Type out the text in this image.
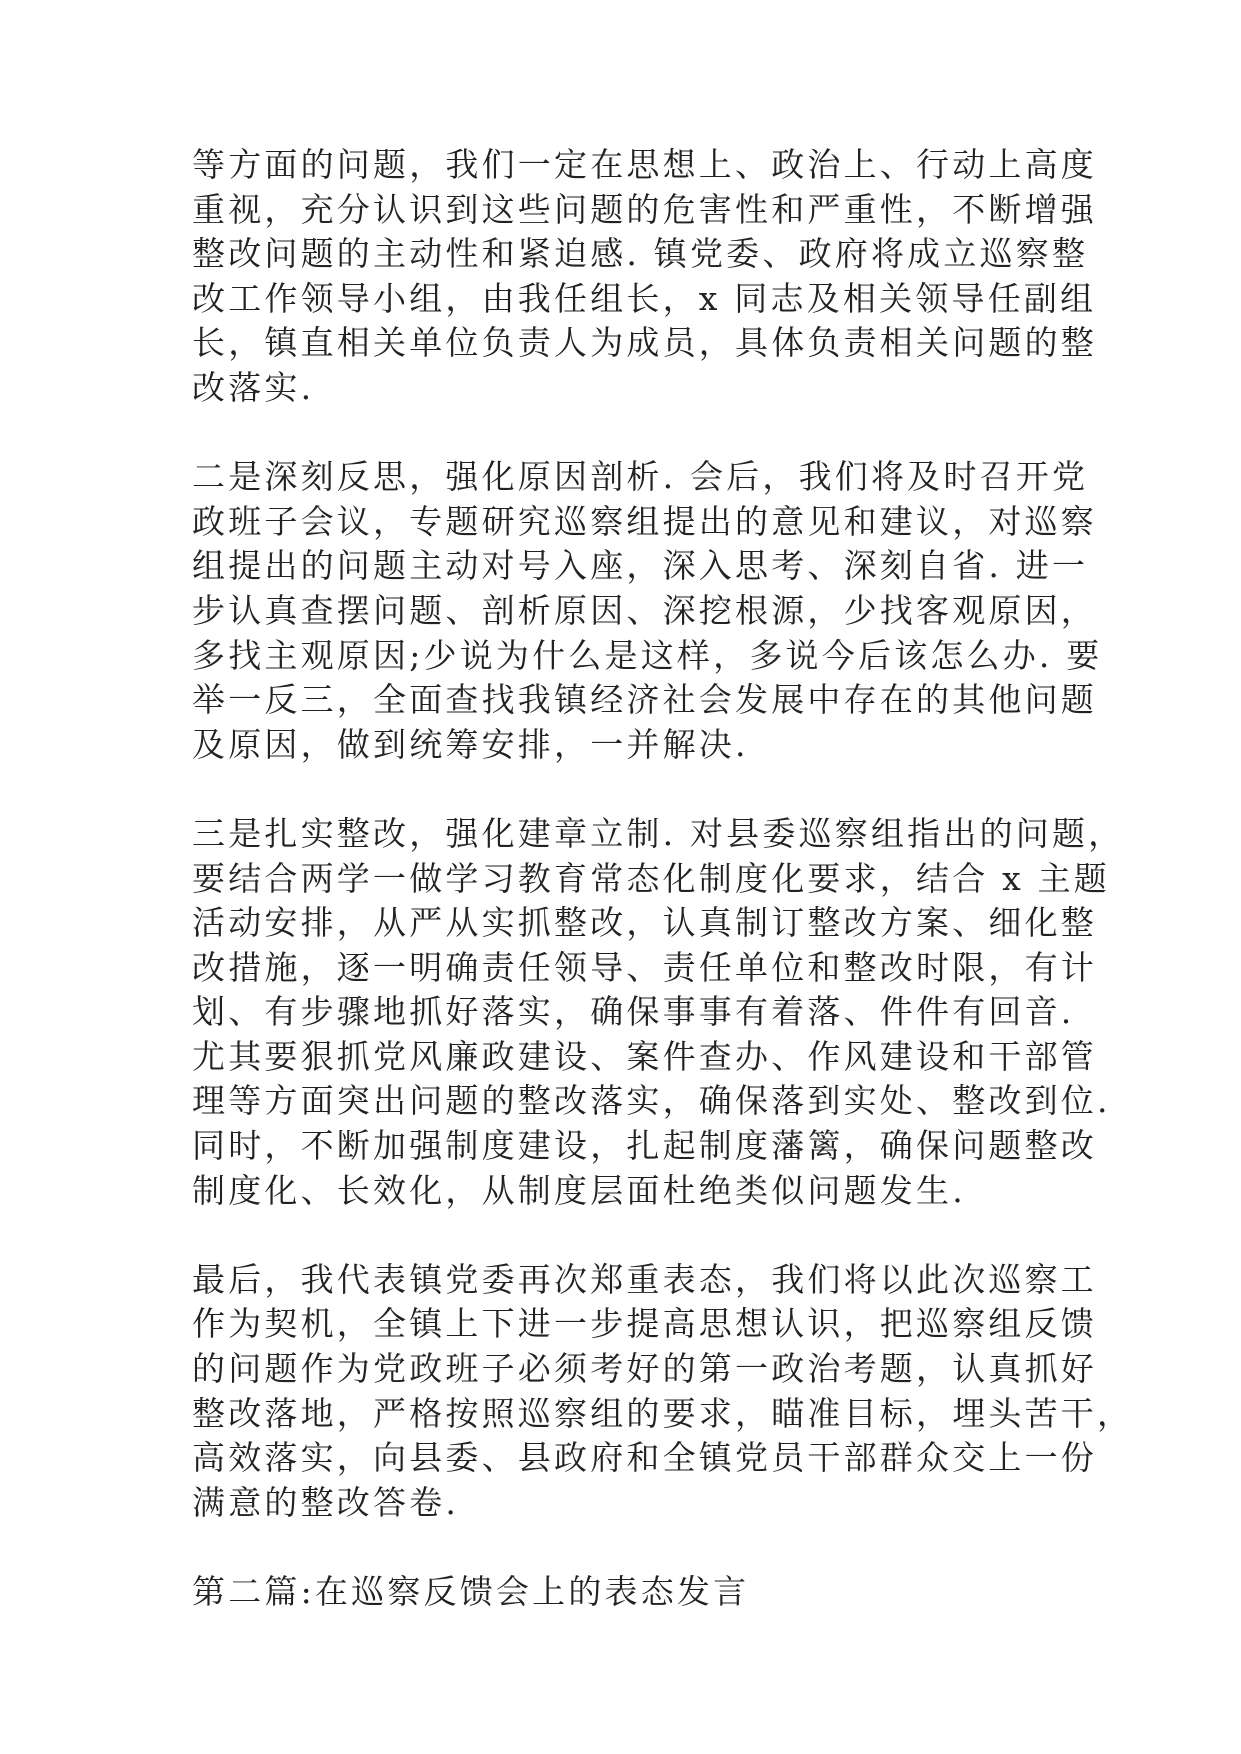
等方面的问题，我们一定在思想上、政治上、行动上高度
重视，充分认识到这些问题的危害性和严重性，不断增强
整改问题的主动性和紧迫感. 镇党委、政府将成立巡察整
改工作领导小组，由我任组长，x 同志及相关领导任副组
长，镇直相关单位负责人为成员，具体负责相关问题的整
改落实.

二是深刻反思，强化原因剖析. 会后，我们将及时召开党
政班子会议，专题研究巡察组提出的意见和建议，对巡察
组提出的问题主动对号入座，深入思考、深刻自省. 进一
步认真查摆问题、剖析原因、深挖根源，少找客观原因，
多找主观原因;少说为什么是这样，多说今后该怎么办. 要
举一反三，全面查找我镇经济社会发展中存在的其他问题
及原因，做到统筹安排，一并解决.

三是扎实整改，强化建章立制. 对县委巡察组指出的问题，
要结合两学一做学习教育常态化制度化要求，结合 x 主题
活动安排，从严从实抓整改，认真制订整改方案、细化整
改措施，逐一明确责任领导、责任单位和整改时限，有计
划、有步骤地抓好落实，确保事事有着落、件件有回音.
尤其要狠抓党风廉政建设、案件查办、作风建设和干部管
理等方面突出问题的整改落实，确保落到实处、整改到位.
同时，不断加强制度建设，扎起制度藩篱，确保问题整改
制度化、长效化，从制度层面杜绝类似问题发生.

最后，我代表镇党委再次郑重表态，我们将以此次巡察工
作为契机，全镇上下进一步提高思想认识，把巡察组反馈
的问题作为党政班子必须考好的第一政治考题，认真抓好
整改落地，严格按照巡察组的要求，瞄准目标，埋头苦干，
高效落实，向县委、县政府和全镇党员干部群众交上一份
满意的整改答卷.

第二篇:在巡察反馈会上的表态发言
